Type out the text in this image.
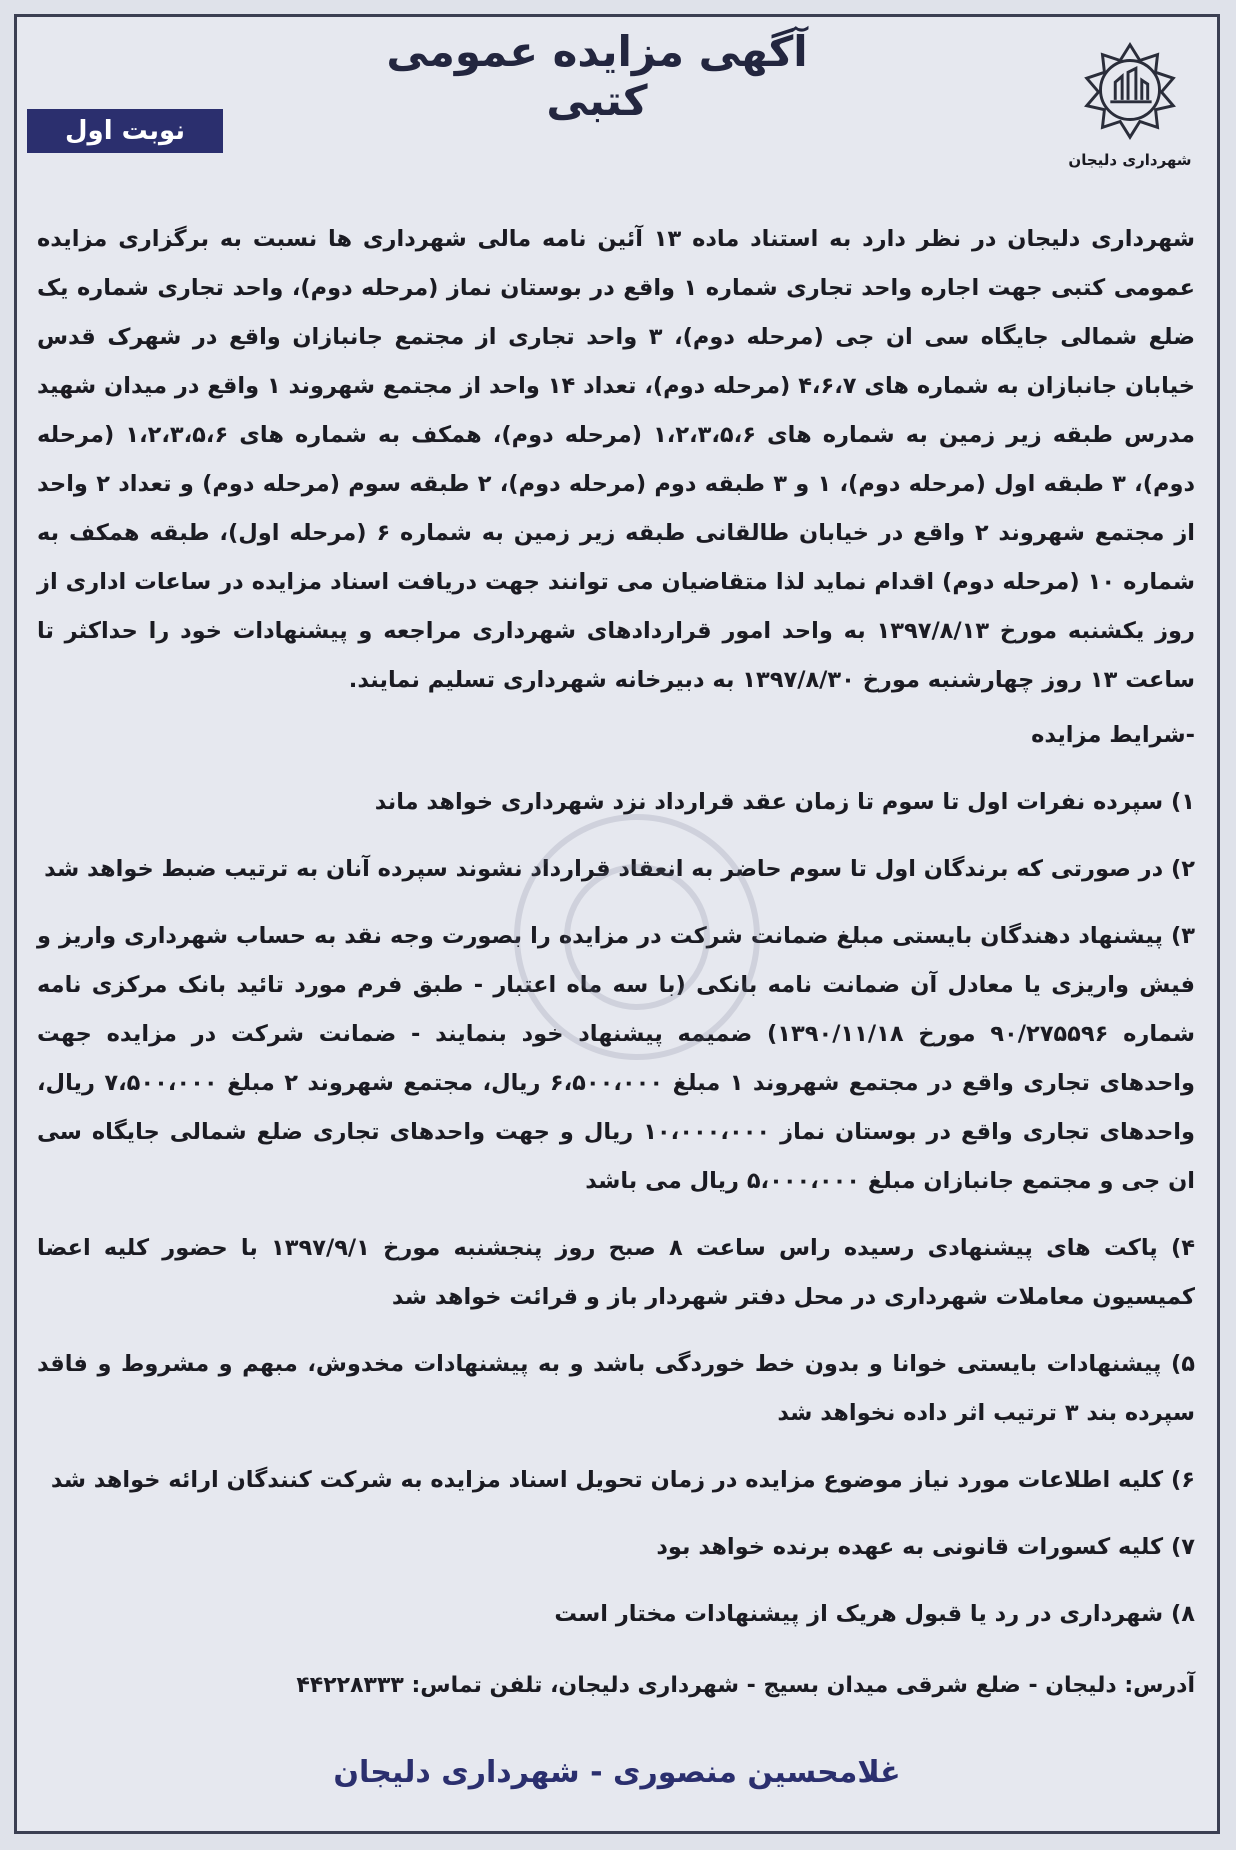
آگهی مزایده عمومی کتبی
نوبت اول
شهرداری دلیجان

شهرداری دلیجان در نظر دارد به استناد ماده ۱۳ آئین نامه مالی شهرداری ها نسبت به برگزاری مزایده عمومی کتبی جهت اجاره واحد تجاری شماره ۱ واقع در بوستان نماز (مرحله دوم)، واحد تجاری شماره یک ضلع شمالی جایگاه سی ان جی (مرحله دوم)، ۳ واحد تجاری از مجتمع جانبازان واقع در شهرک قدس خیابان جانبازان به شماره های ۴،۶،۷ (مرحله دوم)، تعداد ۱۴ واحد از مجتمع شهروند ۱ واقع در میدان شهید مدرس طبقه زیر زمین به شماره های ۱،۲،۳،۵،۶ (مرحله دوم)، همکف به شماره های ۱،۲،۳،۵،۶ (مرحله دوم)، ۳ طبقه اول (مرحله دوم)، ۱ و ۳ طبقه دوم (مرحله دوم)، ۲ طبقه سوم (مرحله دوم) و تعداد ۲ واحد از مجتمع شهروند ۲ واقع در خیابان طالقانی طبقه زیر زمین به شماره ۶ (مرحله اول)، طبقه همکف به شماره ۱۰ (مرحله دوم) اقدام نماید لذا متقاضیان می توانند جهت دریافت اسناد مزایده در ساعات اداری از روز یکشنبه مورخ ۱۳۹۷/۸/۱۳ به واحد امور قراردادهای شهرداری مراجعه و پیشنهادات خود را حداکثر تا ساعت ۱۳ روز چهارشنبه مورخ ۱۳۹۷/۸/۳۰ به دبیرخانه شهرداری تسلیم نمایند.

-شرایط مزایده

۱) سپرده نفرات اول تا سوم تا زمان عقد قرارداد نزد شهرداری خواهد ماند

۲) در صورتی که برندگان اول تا سوم حاضر به انعقاد قرارداد نشوند سپرده آنان به ترتیب ضبط خواهد شد

۳) پیشنهاد دهندگان بایستی مبلغ ضمانت شرکت در مزایده را بصورت وجه نقد به حساب شهرداری واریز و فیش واریزی یا معادل آن ضمانت نامه بانکی (با سه ماه اعتبار - طبق فرم مورد تائید بانک مرکزی نامه شماره ۹۰/۲۷۵۵۹۶ مورخ ۱۳۹۰/۱۱/۱۸) ضمیمه پیشنهاد خود بنمایند - ضمانت شرکت در مزایده جهت واحدهای تجاری واقع در مجتمع شهروند ۱ مبلغ ۶،۵۰۰،۰۰۰ ریال، مجتمع شهروند ۲ مبلغ ۷،۵۰۰،۰۰۰ ریال، واحدهای تجاری واقع در بوستان نماز ۱۰،۰۰۰،۰۰۰ ریال و جهت واحدهای تجاری ضلع شمالی جایگاه سی ان جی و مجتمع جانبازان مبلغ ۵،۰۰۰،۰۰۰ ریال می باشد

۴) پاکت های پیشنهادی رسیده راس ساعت ۸ صبح روز پنجشنبه مورخ ۱۳۹۷/۹/۱ با حضور کلیه اعضا کمیسیون معاملات شهرداری در محل دفتر شهردار باز و قرائت خواهد شد

۵) پیشنهادات بایستی خوانا و بدون خط خوردگی باشد و به پیشنهادات مخدوش، مبهم و مشروط و فاقد سپرده بند ۳ ترتیب اثر داده نخواهد شد

۶) کلیه اطلاعات مورد نیاز موضوع مزایده در زمان تحویل اسناد مزایده به شرکت کنندگان ارائه خواهد شد

۷) کلیه کسورات قانونی به عهده برنده خواهد بود

۸) شهرداری در رد یا قبول هریک از پیشنهادات مختار است

آدرس: دلیجان - ضلع شرقی میدان بسیج - شهرداری دلیجان، تلفن تماس: ۴۴۲۲۸۳۳۳

غلامحسین منصوری - شهرداری دلیجان
